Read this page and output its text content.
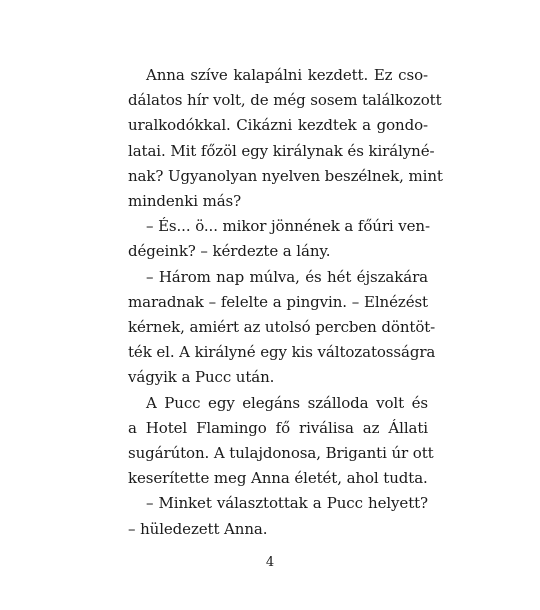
Anna szíve kalapálni kezdett. Ez cso-
dálatos hír volt, de még sosem találkozott
uralkodókkal. Cikázni kezdtek a gondo-
latai. Mit főzöl egy királynak és királyné-
nak? Ugyanolyan nyelven beszélnek, mint
mindenki más?

– És... ö... mikor jönnének a főúri ven-
dégeink? – kérdezte a lány.

– Három nap múlva, és hét éjszakára
maradnak – felelte a pingvin. – Elnézést
kérnek, amiért az utolsó percben döntöt-
ték el. A királyné egy kis változatosságra
vágyik a Pucc után.

A Pucc egy elegáns szálloda volt és
a Hotel Flamingo fő riválisa az Állati
sugárúton. A tulajdonosa, Briganti úr ott
keserítette meg Anna életét, ahol tudta.

– Minket választottak a Pucc helyett?
– hüledezett Anna.

4
